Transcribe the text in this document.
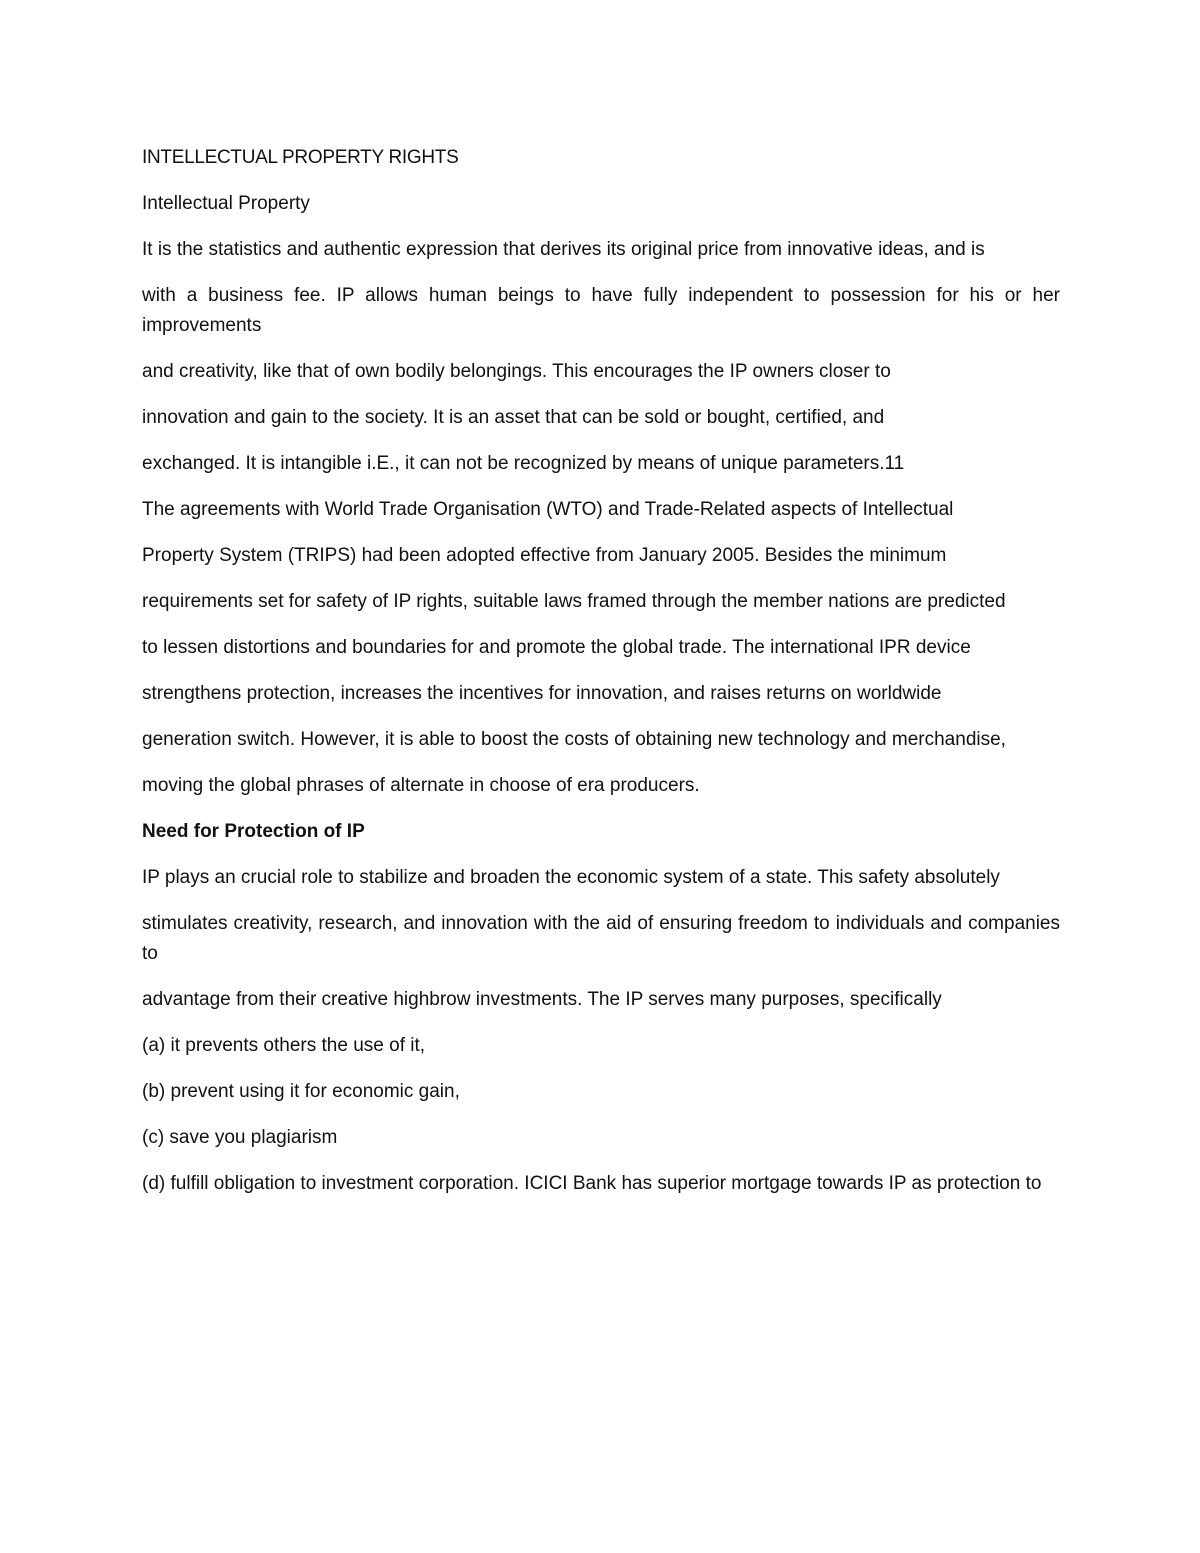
INTELLECTUAL PROPERTY RIGHTS

Intellectual Property

It is the statistics and authentic expression that derives its original price from innovative ideas, and is

with a business fee. IP allows human beings to have fully independent to possession for his or her improvements

and creativity, like that of own bodily belongings. This encourages the IP owners closer to

innovation and gain to the society. It is an asset that can be sold or bought, certified, and

exchanged. It is intangible i.E., it can not be recognized by means of unique parameters.11

The agreements with World Trade Organisation (WTO) and Trade-Related aspects of Intellectual

Property System (TRIPS) had been adopted effective from January 2005. Besides the minimum

requirements set for safety of IP rights, suitable laws framed through the member nations are predicted

to lessen distortions and boundaries for and promote the global trade. The international IPR device

strengthens protection, increases the incentives for innovation, and raises returns on worldwide

generation switch. However, it is able to boost the costs of obtaining new technology and merchandise,

moving the global phrases of alternate in choose of era producers.

Need for Protection of IP

IP plays an crucial role to stabilize and broaden the economic system of a state. This safety absolutely

stimulates creativity, research, and innovation with the aid of ensuring freedom to individuals and companies to

advantage from their creative highbrow investments. The IP serves many purposes, specifically

(a) it prevents others the use of it,

(b) prevent using it for economic gain,

(c) save you plagiarism

(d) fulfill obligation to investment corporation. ICICI Bank has superior mortgage towards IP as protection to
